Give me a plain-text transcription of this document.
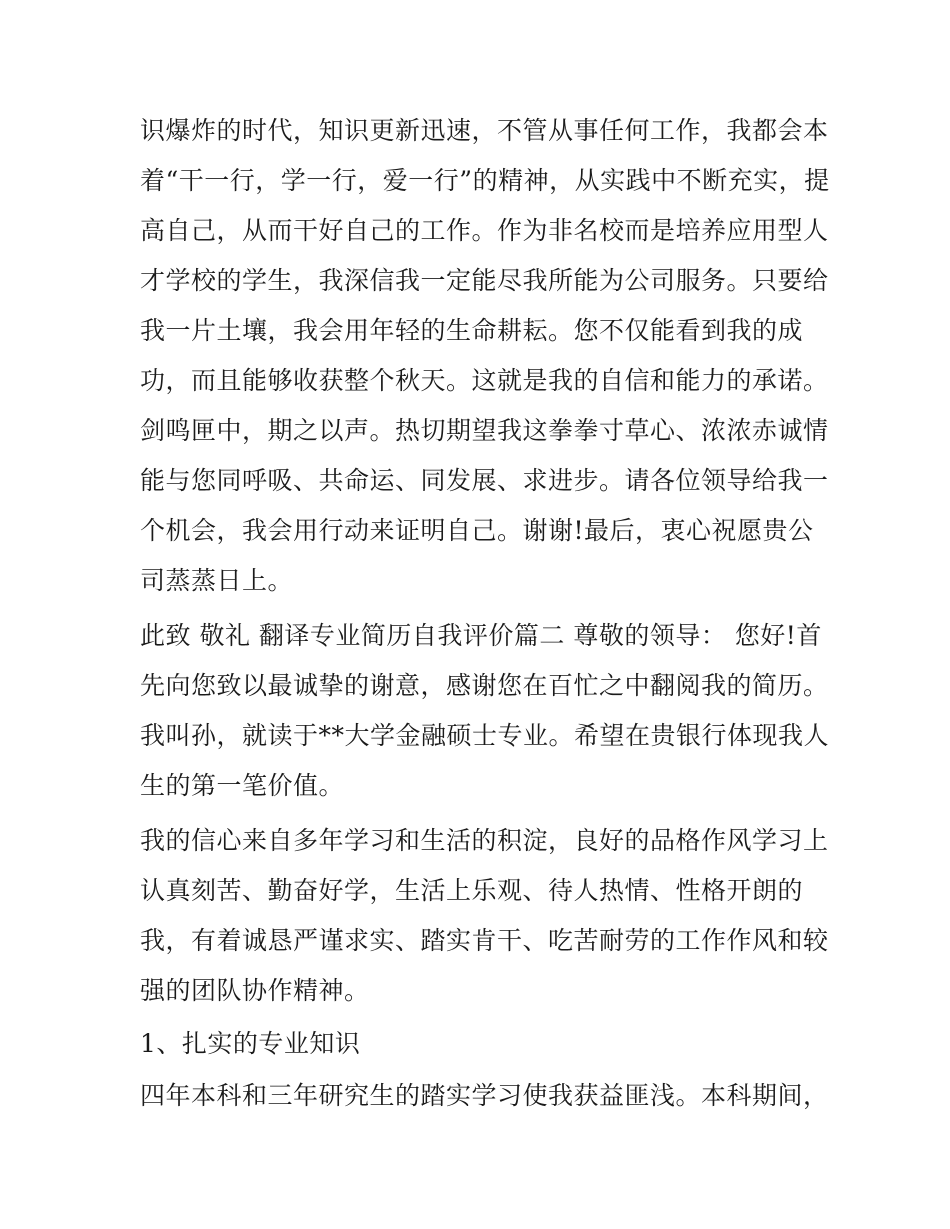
识爆炸的时代，知识更新迅速，不管从事任何工作，我都会本
着“干一行，学一行，爱一行”的精神，从实践中不断充实，提
高自己，从而干好自己的工作。作为非名校而是培养应用型人
才学校的学生，我深信我一定能尽我所能为公司服务。只要给
我一片土壤，我会用年轻的生命耕耘。您不仅能看到我的成
功，而且能够收获整个秋天。这就是我的自信和能力的承诺。
剑鸣匣中，期之以声。热切期望我这拳拳寸草心、浓浓赤诚情
能与您同呼吸、共命运、同发展、求进步。请各位领导给我一
个机会，我会用行动来证明自己。谢谢!最后，衷心祝愿贵公
司蒸蒸日上。
此致 敬礼 翻译专业简历自我评价篇二 尊敬的领导： 您好!首
先向您致以最诚挚的谢意，感谢您在百忙之中翻阅我的简历。
我叫孙，就读于**大学金融硕士专业。希望在贵银行体现我人
生的第一笔价值。
我的信心来自多年学习和生活的积淀，良好的品格作风学习上
认真刻苦、勤奋好学，生活上乐观、待人热情、性格开朗的
我，有着诚恳严谨求实、踏实肯干、吃苦耐劳的工作作风和较
强的团队协作精神。
1、扎实的专业知识
四年本科和三年研究生的踏实学习使我获益匪浅。本科期间，
